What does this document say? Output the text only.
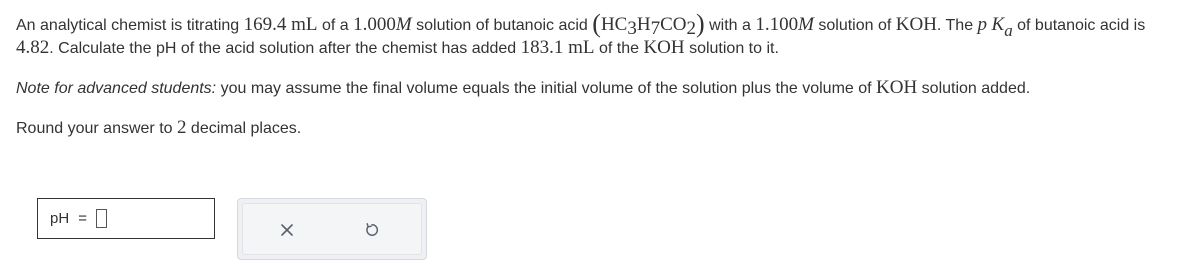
An analytical chemist is titrating 169.4 mL of a 1.000M solution of butanoic acid $(HC_3H_7CO_2)$ with a 1.100M solution of KOH. The p Ka of butanoic acid is
4.82. Calculate the pH of the acid solution after the chemist has added 183.1 mL of the KOH solution to it.
Note for advanced students: you may assume the final volume equals the initial volume of the solution plus the volume of KOH solution added.
Round your answer to 2 decimal places.
pH =
